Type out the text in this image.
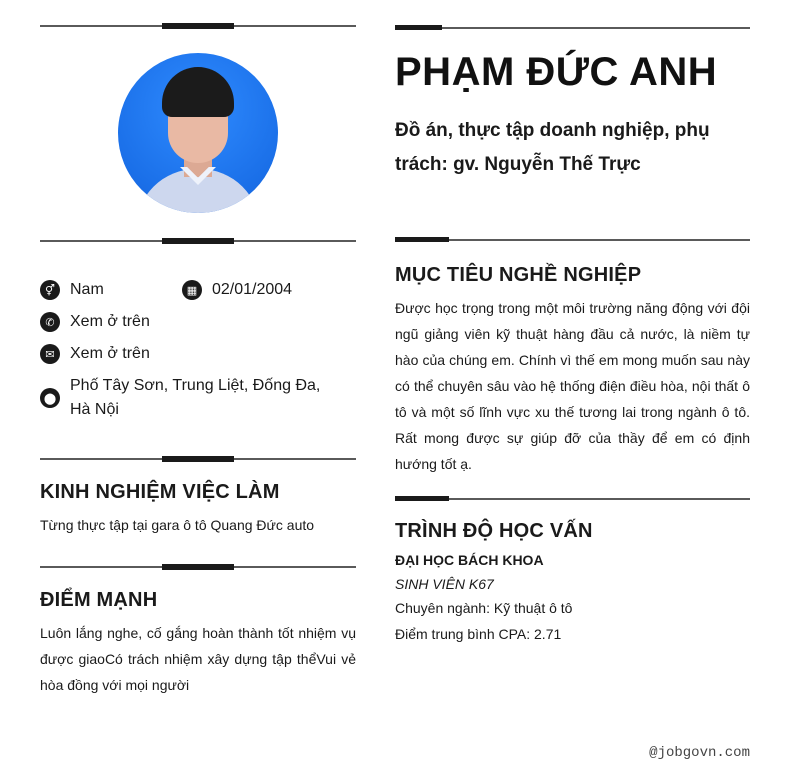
⚥ Nam	▦ 02/01/2004
✆ Xem ở trên
✉ Xem ở trên
⬤
Phố Tây Sơn, Trung Liệt, Đống Đa, Hà Nội
KINH NGHIỆM VIỆC LÀM
Từng thực tập tại gara ô tô Quang Đức auto
ĐIỂM MẠNH
Luôn lắng nghe, cố gắng hoàn thành tốt nhiệm vụ được giaoCó trách nhiệm xây dựng tập thểVui vẻ hòa đồng với mọi người
PHẠM ĐỨC ANH
Đồ án, thực tập doanh nghiệp, phụ trách: gv. Nguyễn Thế Trực
MỤC TIÊU NGHỀ NGHIỆP
Được học trọng trong một môi trường năng động với đội ngũ giảng viên kỹ thuật hàng đầu cả nước, là niềm tự hào của chúng em. Chính vì thế em mong muốn sau này có thể chuyên sâu vào hệ thống điện điều hòa, nội thất ô tô và một số lĩnh vực xu thế tương lai trong ngành ô tô. Rất mong được sự giúp đỡ của thầy để em có định hướng tốt ạ.
TRÌNH ĐỘ HỌC VẤN
ĐẠI HỌC BÁCH KHOA
SINH VIÊN K67
Chuyên ngành: Kỹ thuật ô tô
Điểm trung bình CPA: 2.71
@jobgovn.com
